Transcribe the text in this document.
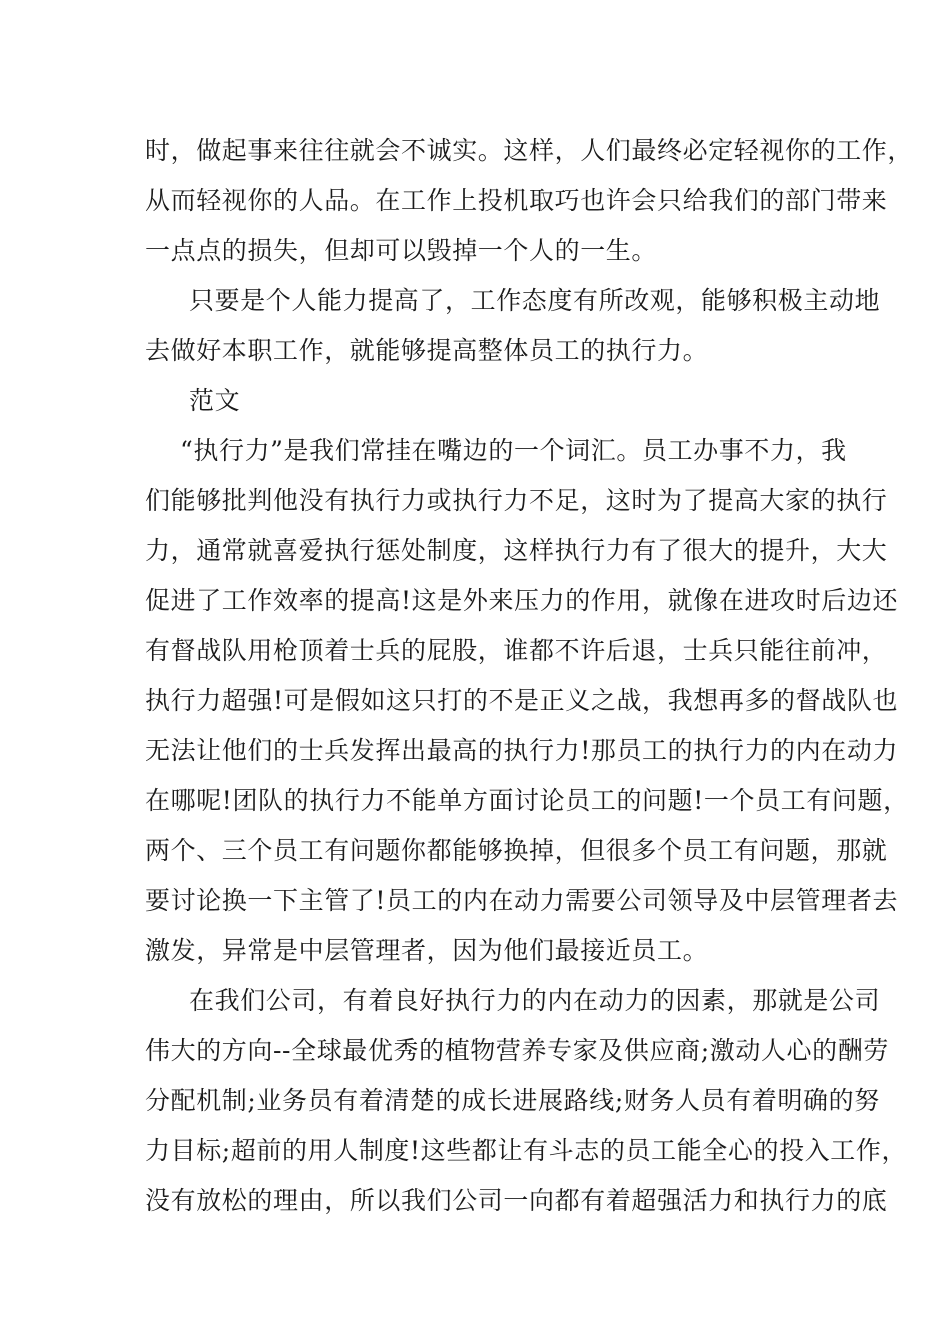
时，做起事来往往就会不诚实。这样，人们最终必定轻视你的工作，
从而轻视你的人品。在工作上投机取巧也许会只给我们的部门带来
一点点的损失，但却可以毁掉一个人的一生。
只要是个人能力提高了，工作态度有所改观，能够积极主动地
去做好本职工作，就能够提高整体员工的执行力。
范文
“执行力”是我们常挂在嘴边的一个词汇。员工办事不力，我
们能够批判他没有执行力或执行力不足，这时为了提高大家的执行
力，通常就喜爱执行惩处制度，这样执行力有了很大的提升，大大
促进了工作效率的提高!这是外来压力的作用，就像在进攻时后边还
有督战队用枪顶着士兵的屁股，谁都不许后退，士兵只能往前冲，
执行力超强!可是假如这只打的不是正义之战，我想再多的督战队也
无法让他们的士兵发挥出最高的执行力!那员工的执行力的内在动力
在哪呢!团队的执行力不能单方面讨论员工的问题!一个员工有问题，
两个、三个员工有问题你都能够换掉，但很多个员工有问题，那就
要讨论换一下主管了!员工的内在动力需要公司领导及中层管理者去
激发，异常是中层管理者，因为他们最接近员工。
在我们公司，有着良好执行力的内在动力的因素，那就是公司
伟大的方向--全球最优秀的植物营养专家及供应商;激动人心的酬劳
分配机制;业务员有着清楚的成长进展路线;财务人员有着明确的努
力目标;超前的用人制度!这些都让有斗志的员工能全心的投入工作，
没有放松的理由，所以我们公司一向都有着超强活力和执行力的底
